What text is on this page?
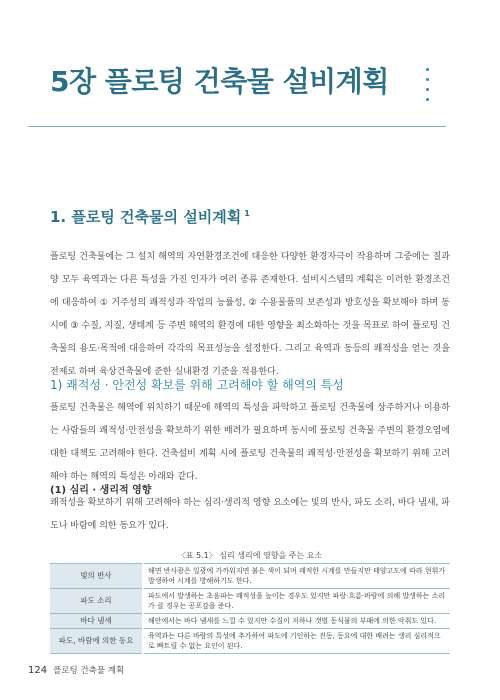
5장 플로팅 건축물 설비계획
1. 플로팅 건축물의 설비계획 $^1$

플로팅 건축물에는 그 설치 해역의 자연환경조건에 대응한 다양한 환경자극이 작용하며 그중에는 질과 양 모두 육역과는 다른 특성을 가진 인자가 여러 종류 존재한다. 설비시스템의 계획은 이러한 환경조건에 대응하여 ① 거주성의 쾌적성과 작업의 능률성, ② 수용물품의 보존성과 방호성을 확보해야 하며 동시에 ③ 수질, 지질, 생태계 등 주변 해역의 환경에 대한 영향을 최소화하는 것을 목표로 하여 플로팅 건축물의 용도·목적에 대응하여 각각의 목표성능을 설정한다. 그리고 육역과 동등의 쾌적성을 얻는 것을 전제로 하며 육상건축물에 준한 실내환경 기준을 적용한다.

1) 쾌적성 · 안전성 확보를 위해 고려해야 할 해역의 특성

플로팅 건축물은 해역에 위치하기 때문에 해역의 특성을 파악하고 플로팅 건축물에 상주하거나 이용하는 사람들의 쾌적성·안전성을 확보하기 위한 배려가 필요하며 동시에 플로팅 건축물 주변의 환경오염에 대한 대책도 고려해야 한다. 건축설비 계획 시에 플로팅 건축물의 쾌적성·안전성을 확보하기 위해 고려해야 하는 해역의 특성은 아래와 같다.

(1) 심리 · 생리적 영향

쾌적성을 확보하기 위해 고려해야 하는 심리·생리적 영향 요소에는 빛의 반사, 파도 소리, 바다 냄새, 파도나 바람에 의한 동요가 있다.

〈표 5.1〉 심리 생리에 영향을 주는 요소
빛의 반사	해면 반사광은 일광에 가까워지면 붉은 색이 되며 쾌적한 시계를 만들지만 태양고도에 따라 현휘가 발생하여 시계를 방해하기도 한다.
파도 소리	파도에서 발생하는 초음파는 쾌적성을 높이는 경우도 있지만 파랑·흐름·바람에 의해 발생하는 소리가 클 경우는 공포감을 준다.
바다 냄새	해안에서는 바다 냄새를 느낄 수 있지만 수질이 저하나 갯벌 동식물의 부패에 의한 악취도 있다.
파도, 바람에 의한 동요	육역과는 다른 바람의 특성에 추가하여 파도에 기인하는 진동, 동요에 대한 배려는 생리 심리적으로 빠트릴 수 없는 요인이 된다.
124 플로팅 건축물 계획
